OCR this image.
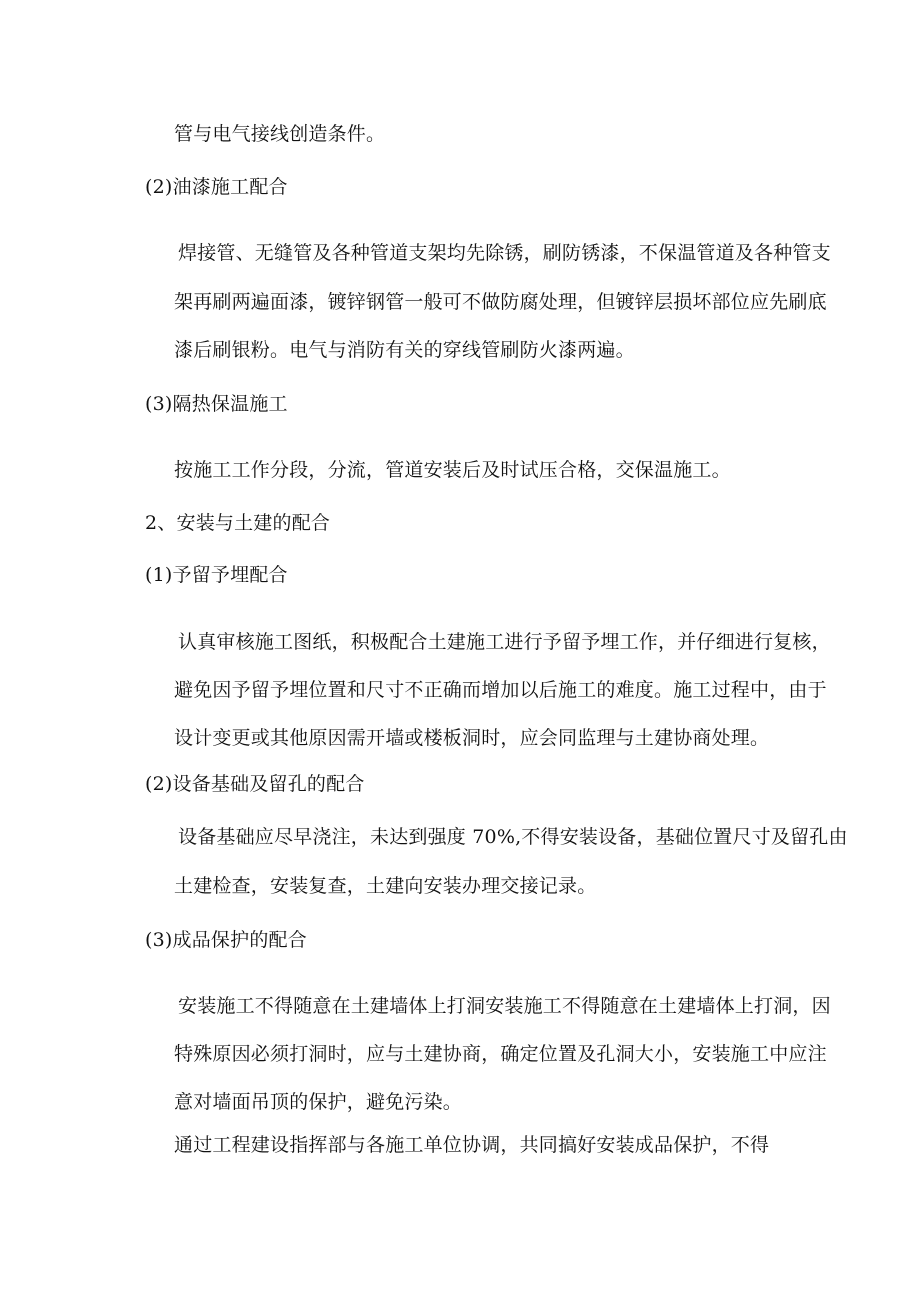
管与电气接线创造条件。
(2)油漆施工配合
焊接管、无缝管及各种管道支架均先除锈，刷防锈漆，不保温管道及各种管支
架再刷两遍面漆，镀锌钢管一般可不做防腐处理，但镀锌层损坏部位应先刷底
漆后刷银粉。电气与消防有关的穿线管刷防火漆两遍。
(3)隔热保温施工
按施工工作分段，分流，管道安装后及时试压合格，交保温施工。
2、安装与土建的配合
(1)予留予埋配合
认真审核施工图纸，积极配合土建施工进行予留予埋工作，并仔细进行复核，
避免因予留予埋位置和尺寸不正确而增加以后施工的难度。施工过程中，由于
设计变更或其他原因需开墙或楼板洞时，应会同监理与土建协商处理。
(2)设备基础及留孔的配合
设备基础应尽早浇注，未达到强度 70%,不得安装设备，基础位置尺寸及留孔由
土建检查，安装复查，土建向安装办理交接记录。
(3)成品保护的配合
安装施工不得随意在土建墙体上打洞安装施工不得随意在土建墙体上打洞，因
特殊原因必须打洞时，应与土建协商，确定位置及孔洞大小，安装施工中应注
意对墙面吊顶的保护，避免污染。
通过工程建设指挥部与各施工单位协调，共同搞好安装成品保护，不得
